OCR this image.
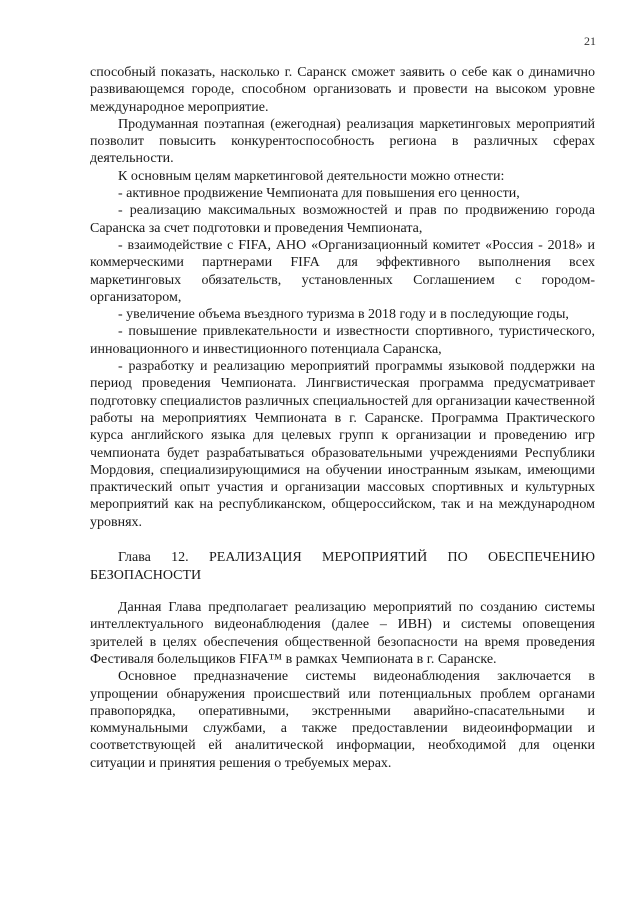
21

способный показать, насколько г. Саранск сможет заявить о себе как о динамично развивающемся городе, способном организовать и провести на высоком уровне международное мероприятие.

Продуманная поэтапная (ежегодная) реализация маркетинговых мероприятий позволит повысить конкурентоспособность региона в различных сферах деятельности.

К основным целям маркетинговой деятельности можно отнести:

- активное продвижение Чемпионата для повышения его ценности,

- реализацию максимальных возможностей и прав по продвижению города Саранска за счет подготовки и проведения Чемпионата,

- взаимодействие с FIFA, АНО «Организационный комитет «Россия - 2018» и коммерческими партнерами FIFA для эффективного выполнения всех маркетинговых обязательств, установленных Соглашением с городом-организатором,

- увеличение объема въездного туризма в 2018 году и в последующие годы,

- повышение привлекательности и известности спортивного, туристического, инновационного и инвестиционного потенциала Саранска,

- разработку и реализацию мероприятий программы языковой поддержки на период проведения Чемпионата. Лингвистическая программа предусматривает подготовку специалистов различных специальностей для организации качественной работы на мероприятиях Чемпионата в г. Саранске. Программа Практического курса английского языка для целевых групп к организации и проведению игр чемпионата будет разрабатываться образовательными учреждениями Республики Мордовия, специализирующимися на обучении иностранным языкам, имеющими практический опыт участия и организации массовых спортивных и культурных мероприятий как на республиканском, общероссийском, так и на международном уровнях.

Глава 12. РЕАЛИЗАЦИЯ МЕРОПРИЯТИЙ ПО ОБЕСПЕЧЕНИЮ БЕЗОПАСНОСТИ

Данная Глава предполагает реализацию мероприятий по созданию системы интеллектуального видеонаблюдения (далее – ИВН) и системы оповещения зрителей в целях обеспечения общественной безопасности на время проведения Фестиваля болельщиков FIFA™ в рамках Чемпионата в г. Саранске.

Основное предназначение системы видеонаблюдения заключается в упрощении обнаружения происшествий или потенциальных проблем органами правопорядка, оперативными, экстренными аварийно-спасательными и коммунальными службами, а также предоставлении видеоинформации и соответствующей ей аналитической информации, необходимой для оценки ситуации и принятия решения о требуемых мерах.
